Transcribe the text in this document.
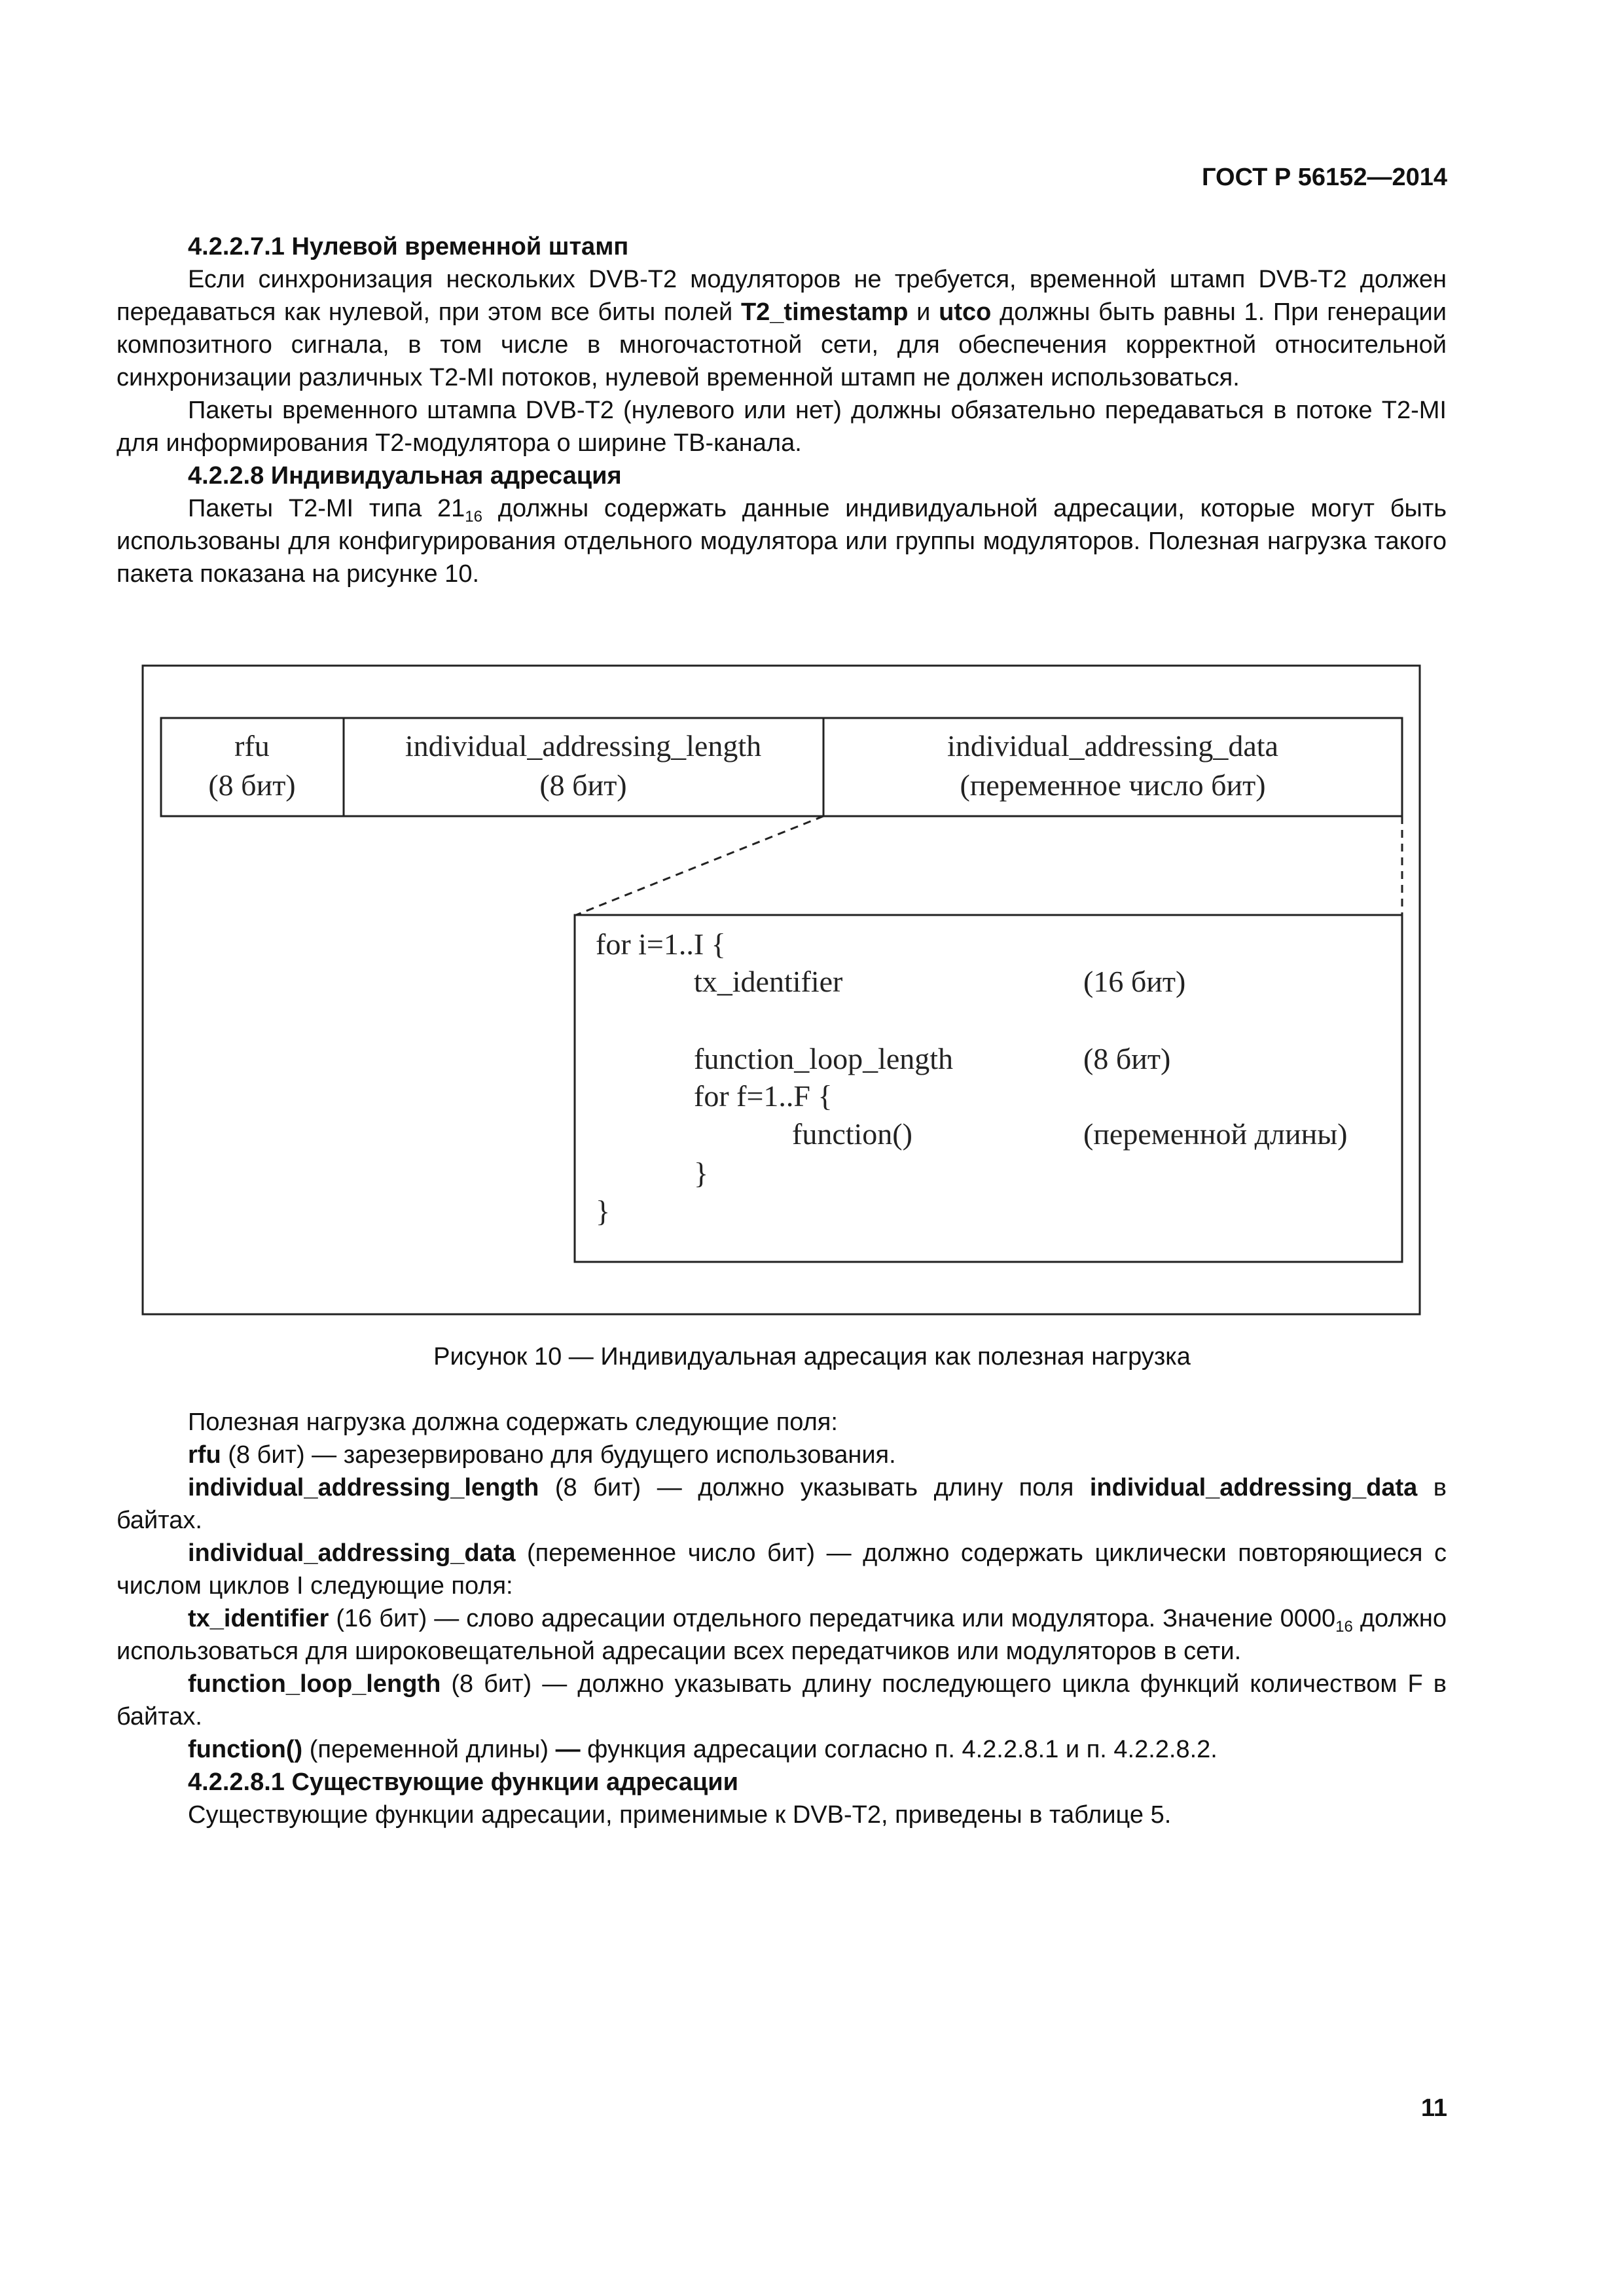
ГОСТ Р 56152—2014

4.2.2.7.1 Нулевой временной штамп

Если синхронизация нескольких DVB-T2 модуляторов не требуется, временной штамп DVB-T2 должен передаваться как нулевой, при этом все биты полей T2_timestamp и utco должны быть равны 1. При генерации композитного сигнала, в том числе в многочастотной сети, для обеспечения корректной относительной синхронизации различных T2-MI потоков, нулевой временной штамп не должен использоваться.

Пакеты временного штампа DVB-T2 (нулевого или нет) должны обязательно передаваться в потоке T2-MI для информирования T2-модулятора о ширине ТВ-канала.

4.2.2.8 Индивидуальная адресация

Пакеты T2-MI типа $21_{16}$ должны содержать данные индивидуальной адресации, которые могут быть использованы для конфигурирования отдельного модулятора или группы модуляторов. Полезная нагрузка такого пакета показана на рисунке 10.

rfu
(8 бит)
individual_addressing_length
(8 бит)
individual_addressing_data
(переменное число бит)
for i=1..I {
tx_identifier	(16 бит)
function_loop_length	(8 бит)
for f=1..F {
function()	(переменной длины)
}
}
Рисунок 10 — Индивидуальная адресация как полезная нагрузка

Полезная нагрузка должна содержать следующие поля:

rfu (8 бит) — зарезервировано для будущего использования.

individual_addressing_length (8 бит) — должно указывать длину поля individual_addressing_data в байтах.

individual_addressing_data (переменное число бит) — должно содержать циклически повторяющиеся с числом циклов I следующие поля:

tx_identifier (16 бит) — слово адресации отдельного передатчика или модулятора. Значение $0000_{16}$ должно использоваться для широковещательной адресации всех передатчиков или модуляторов в сети.

function_loop_length (8 бит) — должно указывать длину последующего цикла функций количеством F в байтах.

function() (переменной длины) — функция адресации согласно п. 4.2.2.8.1 и п. 4.2.2.8.2.

4.2.2.8.1 Существующие функции адресации

Существующие функции адресации, применимые к DVB-T2, приведены в таблице 5.

11
